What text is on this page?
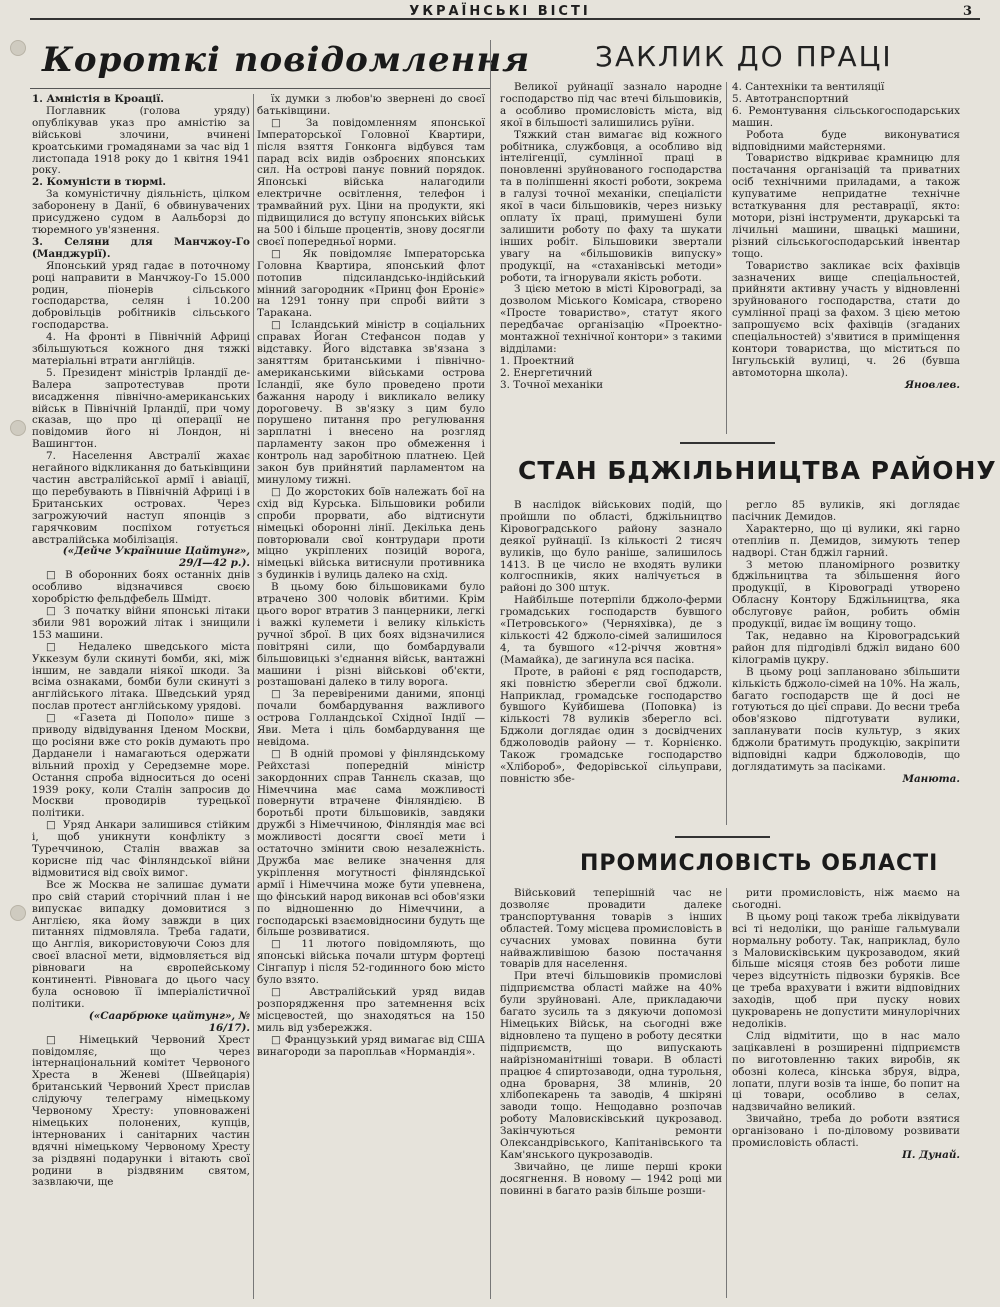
УКРАЇНСЬКІ ВІСТІ	3
Короткі повідомлення

1. Амністія в Кроації.

Поглавник (голова уряду) опублікував указ про амністію за військові злочини, вчинені кроатськими громадянами за час від 1 листопада 1918 року до 1 квітня 1941 року.

2. Комуністи в тюрмі.

За комуністичну діяльність, цілком заборонену в Данії, 6 обвинувачених присуджено судом в Аальборзі до тюремного ув'язнення.

3. Селяни для Манчжоу-Го (Манджурії).

Японський уряд гадає в поточному році направити в Манчжоу-Го 15.000 родин, піонерів сільського господарства, селян і 10.200 добровільців робітників сільського господарства.

4. На фронті в Північній Африці збільшуються кожного дня тяжкі матеріальні втрати англійців.

5. Президент міністрів Ірландії де-Валера запротестував проти висадження північно-американських військ в Північній Ірландії, при чому сказав, що про ці операції не повідомив його ні Лондон, ні Вашингтон.

7. Населення Австралії жахає негайного відкликання до батьківщини частин австралійської армії і авіації, що перебувають в Північній Африці і в Британських островах. Через загрожуючий наступ японців з гарячковим поспіхом готується австралійська мобілізація.

(«Дейче Українише Цайтунг», 29/I—42 р.).

□ В оборонних боях останніх днів особливо відзначився своєю хоробрістю фельдфебель Шмідт.

□ З початку війни японські літаки збили 981 ворожий літак і знищили 153 машини.

□ Недалеко шведського міста Уккезум були скинуті бомби, які, між іншим, не завдали ніякої шкоди. За всіма ознаками, бомби були скинуті з англійського літака. Шведський уряд послав протест англійському урядові.

□ «Газета ді Пополо» пише з приводу відвідування Іденом Москви, що росіяни вже сто років думають про Дарданели і намагаються одержати вільний прохід у Середземне море. Остання спроба відноситься до осені 1939 року, коли Сталін запросив до Москви проводирів турецької політики.

□ Уряд Анкари залишився стійким і, щоб уникнути конфлікту з Туреччиною, Сталін вважав за корисне під час Фінляндської війни відмовитися від своїх вимог.

Все ж Москва не залишає думати про свій старий сторічний план і не випускає випадку домовитися з Англією, яка йому завжди в цих питаннях підмовляла. Треба гадати, що Англія, використовуючи Союз для своєї власної мети, відмовляється від рівноваги на європейському континенті. Рівновага до цього часу була основою її імперіалістичної політики.

(«Саарбрюке цайтунг», № 16/17).

□ Німецький Червоний Хрест повідомляє, що через інтернаціональний комітет Червоного Хреста в Женеві (Швейцарія) британський Червоний Хрест прислав слідуючу телеграму німецькому Червоному Хресту: уповноважені німецьких полонених, купців, інтернованих і санітарних частин вдячні німецькому Червоному Хресту за різдвяні подарунки і вітають свої родини в різдвяним святом, зазвлаючи, ще

їх думки з любов'ю звернені до своєї батьківщини.

□ За повідомленням японської Імператорської Головної Квартири, після взяття Гонконга відбувся там парад всіх видів озброєних японських сил. На острові панує повний порядок. Японські війська налагодили електричне освітлення, телефон і трамвайний рух. Ціни на продукти, які підвищилися до вступу японських військ на 500 і більше процентів, знову досягли своєї попередньої норми.

□ Як повідомляє Імператорська Головна Квартира, японський флот потопив підсиландсько-індійський мінний загородник «Принц фон Ероніє» на 1291 тонну при спробі вийти з Таракана.

□ Ісландський міністр в соціальних справах Йоган Стефансон подав у відставку. Його відставка зв'язана з заняттям британськими і північно-американськими військами острова Ісландії, яке було проведено проти бажання народу і викликало велику дороговечу. В зв'язку з цим було порушено питання про регулювання зарплатні і внесено на розгляд парламенту закон про обмеження і контроль над заробітною платнею. Цей закон був прийнятий парламентом на минулому тижні.

□ До жорстоких боїв належать бої на схід від Курська. Більшовики робили спроби прорвати, або відтиснути німецькі оборонні лінії. Декілька день повторювали свої контрудари проти міцно укріплених позицій ворога, німецькі війська витиснули противника з будинків і вулиць далеко на схід.

В цьому бою більшовиками було втрачено 300 чоловік вбитими. Крім цього ворог втратив 3 панцерники, легкі і важкі кулемети і велику кількість ручної зброї. В цих боях відзначилися повітряні сили, що бомбардували більшовицькі з'єднання військ, вантажні машини і різні військові об'єкти, розташовані далеко в тилу ворога.

□ За перевіреними даними, японці почали бомбардування важливого острова Голландської Східної Індії — Яви. Мета і ціль бомбардування ще невідома.

□ В одній промові у фінляндському Рейхстазі попередній міністр закордонних справ Таннєль сказав, що Німеччина має сама можливості повернути втрачене Фінляндією. В боротьбі проти більшовиків, завдяки дружбі з Німеччиною, Фінляндія має всі можливості досягти своєї мети і остаточно змінити свою незалежність. Дружба має велике значення для укріплення могутності фінляндської армії і Німеччина може бути упевнена, що фінський народ виконав всі обов'язки по відношенню до Німеччини, а господарські взаємовідносини будуть ще більше розвиватися.

□ 11 лютого повідомляють, що японські війська почали штурм фортеці Сінгапур і після 52-годинного бою місто було взято.

□ Австралійський уряд видав розпорядження про затемнення всіх місцевостей, що знаходяться на 150 миль від узбережжя.

□ Французький уряд вимагає від США винагороди за паропльав «Нормандія».

ЗАКЛИК ДО ПРАЦІ

Великої руйнації зазнало народне господарство під час втечі більшовиків, а особливо промисловість міста, від якої в більшості залишились руїни.

Тяжкий стан вимагає від кожного робітника, службовця, а особливо від інтелігенції, сумлінної праці в поновленні зруйнованого господарства та в поліпшенні якості роботи, зокрема в галузі точної механіки, спеціалісти якої в часи більшовиків, через низьку оплату їх праці, примушені були залишити роботу по фаху та шукати інших робіт. Більшовики звертали увагу на «більшовиків випуску» продукції, на «стаханівські методи» роботи, та ігнорували якість роботи.

З цією метою в місті Кіровограді, за дозволом Міського Комісара, створено «Просте товариство», статут якого передбачає організацію «Проектно-монтажної технічної контори» з такими відділами:

1. Проектний

2. Енергетичний

3. Точної механіки

4. Сантехніки та вентиляції

5. Автотранспортний

6. Ремонтування сільськогосподарських машин.

Робота буде виконуватися відповідними майстернями.

Товариство відкриває крамницю для постачання організацій та приватних осіб технічними приладами, а також купуватиме непридатне технічне встаткування для реставрації, якто: мотори, різні інструменти, друкарські та лічильні машини, швацькі машини, різний сільськогосподарський інвентар тощо.

Товариство закликає всіх фахівців зазначених вище спеціальностей, прийняти активну участь у відновленні зруйнованого господарства, стати до сумлінної праці за фахом. З цією метою запрошуємо всіх фахівців (згаданих спеціальностей) з'явитися в приміщення контори товариства, що міститься по Інгульській вулиці, ч. 26 (бувша автомоторна школа).

Яновлев.

СТАН БДЖІЛЬНИЦТВА РАЙОНУ

В наслідок військових подій, що пройшли по області, бджільництво Кіровоградського району зазнало деякої руйнації. Із кількості 2 тисяч вуликів, що було раніше, залишилось 1413. В це число не входять вулики колгоспників, яких налічується в районі до 300 штук.

Найбільше потерпіли бджоло-ферми громадських господарств бувшого «Петровського» (Черняхівка), де з кількості 42 бджоло-сімей залишилося 4, та бувшого «12-річчя жовтня» (Мамайка), де загинула вся пасіка.

Проте, в районі є ряд господарств, які повністю зберегли свої бджоли. Наприклад, громадське господарство бувшого Куйбишева (Поповка) із кількості 78 вуликів зберегло всі. Бджоли доглядає один з досвідчених бджоловодів району — т. Корнієнко. Також громадське господарство «Хлібороб», Федорівської сільуправи, повністю збе-

регло 85 вуликів, які доглядає пасічник Демидов.

Характерно, що ці вулики, які гарно отепліив п. Демидов, зимують тепер надворі. Стан бджіл гарний.

З метою планомірного розвитку бджільництва та збільшення його продукції, в Кіровограді утворено Обласну Контору Бджільництва, яка обслуговує район, робить обмін продукції, видає їм вощину тощо.

Так, недавно на Кіровоградський район для підгодівлі бджіл видано 600 кілограмів цукру.

В цьому році заплановано збільшити кількість бджоло-сімей на 10%. На жаль, багато господарств ще й досі не готуються до цієї справи. До весни треба обов'язково підготувати вулики, запланувати посів культур, з яких бджоли братимуть продукцію, закріпити відповідні кадри бджоловодів, що доглядатимуть за пасіками.

Манюта.

ПРОМИСЛОВІСТЬ ОБЛАСТІ

Військовий теперішній час не дозволяє провадити далеке транспортування товарів з інших областей. Тому місцева промисловість в сучасних умовах повинна бути найважливішою базою постачання товарів для населення.

При втечі більшовиків промислові підприємства області майже на 40% були зруйновані. Але, прикладаючи багато зусиль та з дякуючи допомозі Німецьких Військ, на сьогодні вже відновлено та пущено в роботу десятки підприємств, що випускають найрізноманітніші товари. В області працює 4 спиртозаводи, одна турольня, одна броварня, 38 млинів, 20 хлібопекарень та заводів, 4 шкіряні заводи тощо. Нещодавно розпочав роботу Маловисківський цукрозавод. Закінчуються ремонти Олександрівського, Капітанівського та Кам'янського цукрозаводів.

Звичайно, це лише перші кроки досягнення. В новому — 1942 році ми повинні в багато разів більше розши-

рити промисловість, ніж маємо на сьогодні.

В цьому році також треба ліквідувати всі ті недоліки, що раніше гальмували нормальну роботу. Так, наприклад, було з Маловисківським цукрозаводом, який більше місяця стояв без роботи лише через відсутність підвозки буряків. Все це треба врахувати і вжити відповідних заходів, щоб при пуску нових цукроварень не допустити минулорічних недоліків.

Слід відмітити, що в нас мало зацікавлені в розширенні підприємств по виготовленню таких виробів, як обозні колеса, кінська збруя, відра, лопати, плуги возів та інше, бо попит на ці товари, особливо в селах, надзвичайно великий.

Звичайно, треба до роботи взятися організовано і по-діловому розвивати промисловість області.

П. Дунай.
